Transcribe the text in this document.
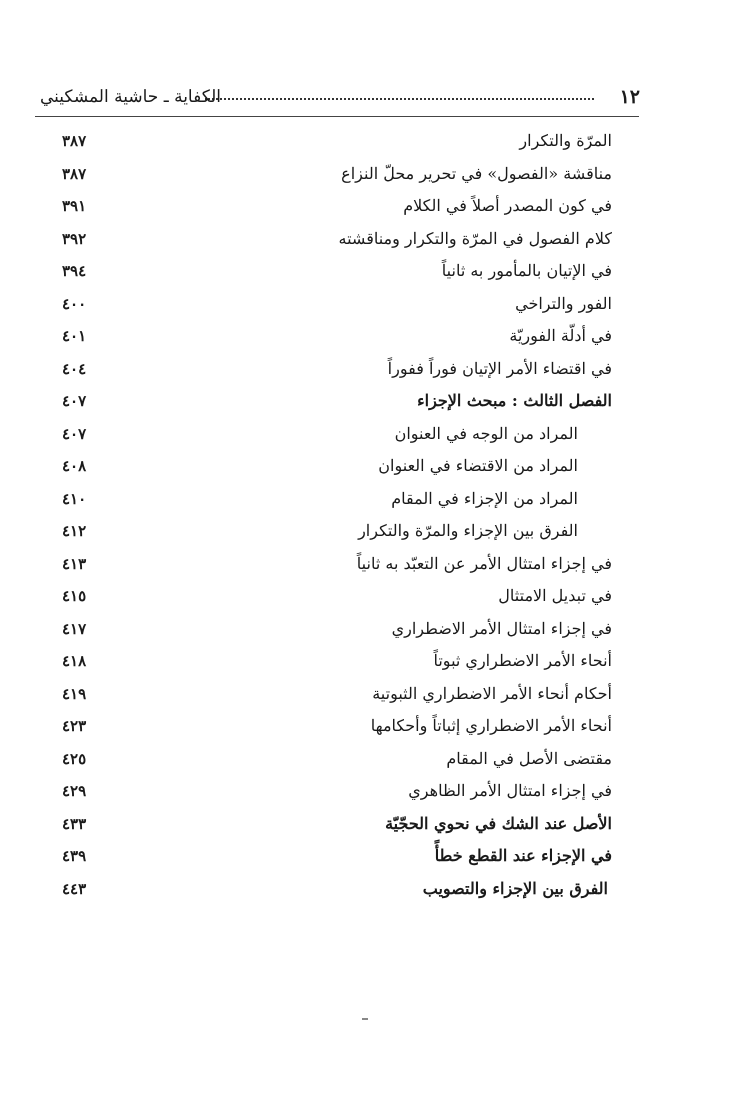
١٢
الكفاية ـ حاشية المشكيني
المرّة والتكرار
٣٨٧
مناقشة «الفصول» في تحرير محلّ النزاع
٣٨٧
في كون المصدر أصلاً في الكلام
٣٩١
كلام الفصول في المرّة والتكرار ومناقشته
٣٩٢
في الإتيان بالمأمور به ثانياً
٣٩٤
الفور والتراخي
٤٠٠
في أدلّة الفوريّة
٤٠١
في اقتضاء الأمر الإتيان فوراً ففوراً
٤٠٤
الفصل الثالث : مبحث الإجزاء
٤٠٧
المراد من الوجه في العنوان
٤٠٧
المراد من الاقتضاء في العنوان
٤٠٨
المراد من الإجزاء في المقام
٤١٠
الفرق بين الإجزاء والمرّة والتكرار
٤١٢
في إجزاء امتثال الأمر عن التعبّد به ثانياً
٤١٣
في تبديل الامتثال
٤١٥
في إجزاء امتثال الأمر الاضطراري
٤١٧
أنحاء الأمر الاضطراري ثبوتاً
٤١٨
أحكام أنحاء الأمر الاضطراري الثبوتية
٤١٩
أنحاء الأمر الاضطراري إثباتاً وأحكامها
٤٢٣
مقتضى الأصل في المقام
٤٢٥
في إجزاء امتثال الأمر الظاهري
٤٢٩
الأصل عند الشك في نحوي الحجّيّة
٤٣٣
في الإجزاء عند القطع خطأً
٤٣٩
الفرق بين الإجزاء والتصويب
٤٤٣
